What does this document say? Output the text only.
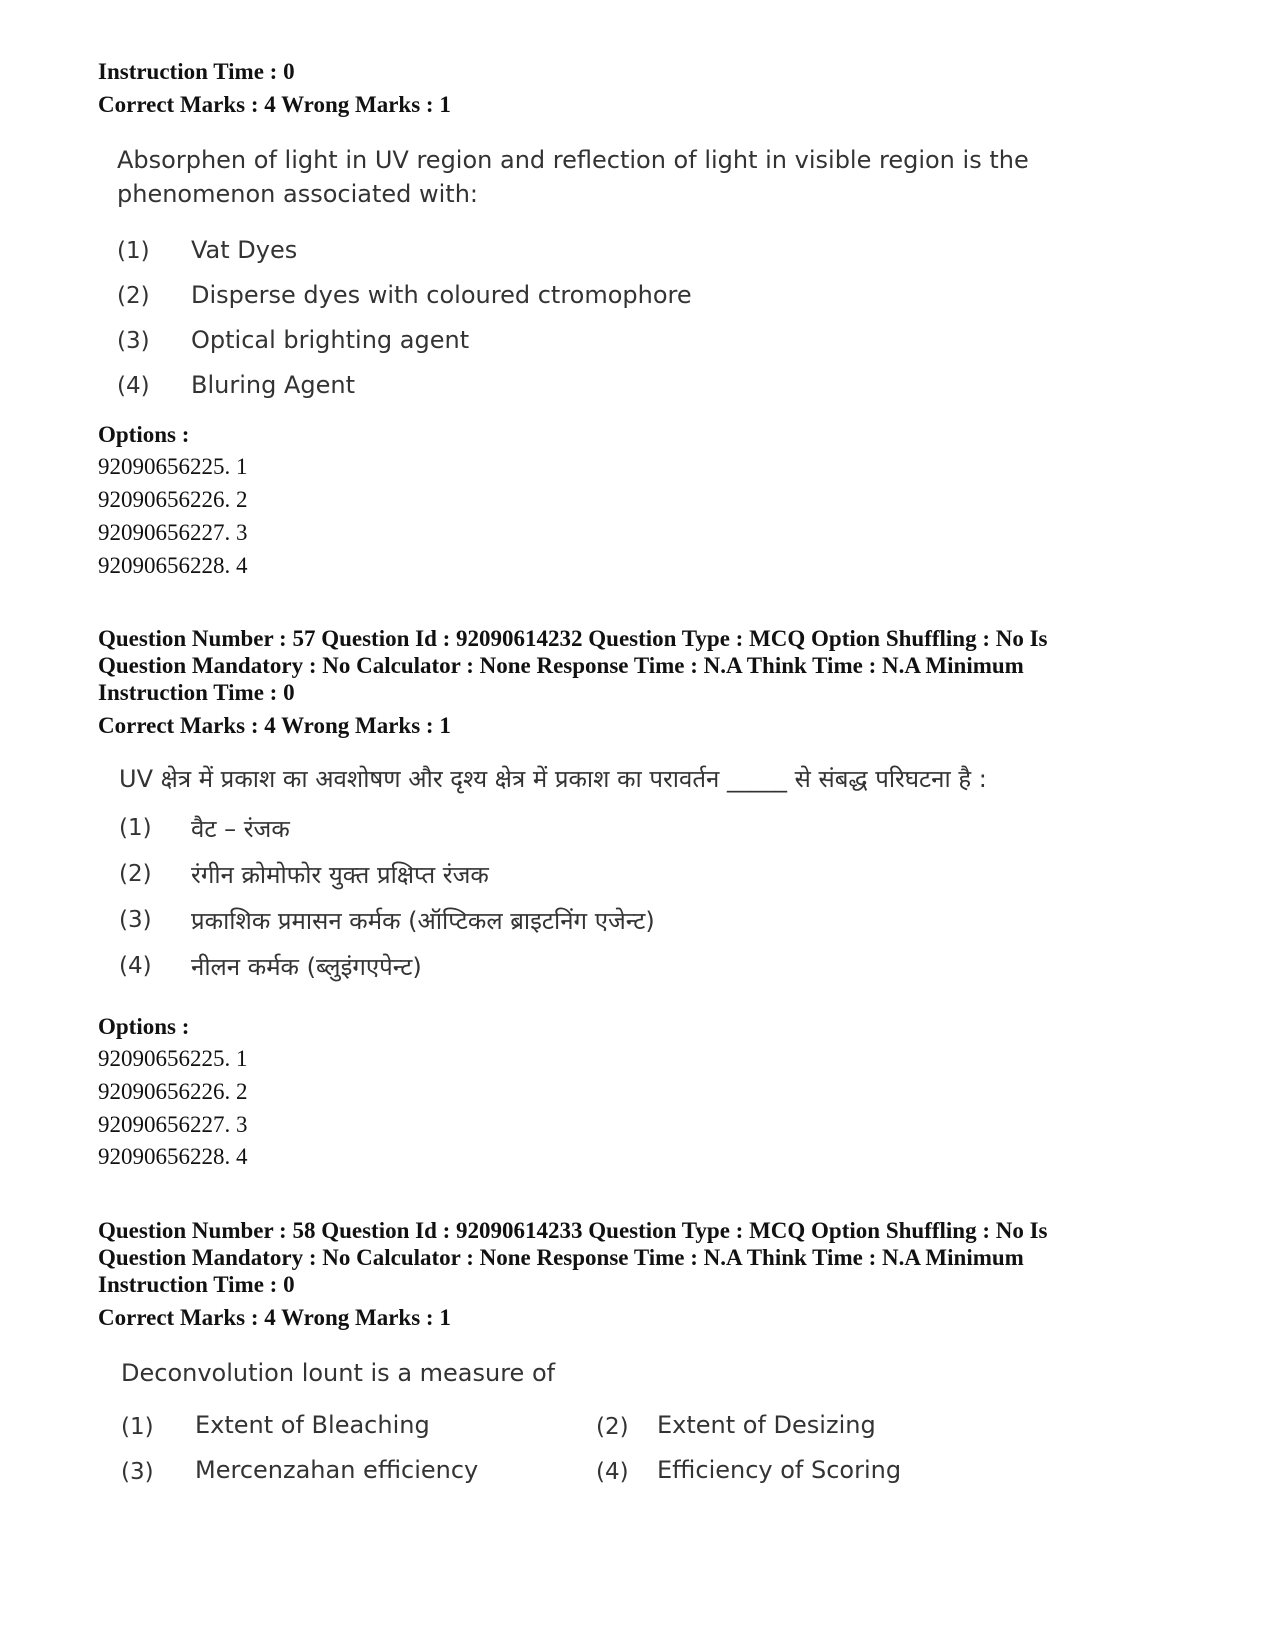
Instruction Time : 0
Correct Marks : 4 Wrong Marks : 1
Absorphen of light in UV region and reflection of light in visible region is the
phenomenon associated with:
(1) Vat Dyes
(2) Disperse dyes with coloured ctromophore
(3) Optical brighting agent
(4) Bluring Agent
Options :
92090656225. 1
92090656226. 2
92090656227. 3
92090656228. 4
Question Number : 57 Question Id : 92090614232 Question Type : MCQ Option Shuffling : No Is
Question Mandatory : No Calculator : None Response Time : N.A Think Time : N.A Minimum
Instruction Time : 0
Correct Marks : 4 Wrong Marks : 1
UV क्षेत्र में प्रकाश का अवशोषण और दृश्य क्षेत्र में प्रकाश का परावर्तन _____ से संबद्ध परिघटना है :
(1) वैट – रंजक
(2) रंगीन क्रोमोफोर युक्त प्रक्षिप्त रंजक
(3) प्रकाशिक प्रमासन कर्मक (ऑप्टिकल ब्राइटनिंग एजेन्ट)
(4) नीलन कर्मक (ब्लुइंगएपेन्ट)
Options :
92090656225. 1
92090656226. 2
92090656227. 3
92090656228. 4
Question Number : 58 Question Id : 92090614233 Question Type : MCQ Option Shuffling : No Is
Question Mandatory : No Calculator : None Response Time : N.A Think Time : N.A Minimum
Instruction Time : 0
Correct Marks : 4 Wrong Marks : 1
Deconvolution lount is a measure of
(1) Extent of Bleaching	(2) Extent of Desizing
(3) Mercenzahan efficiency	(4) Efficiency of Scoring
